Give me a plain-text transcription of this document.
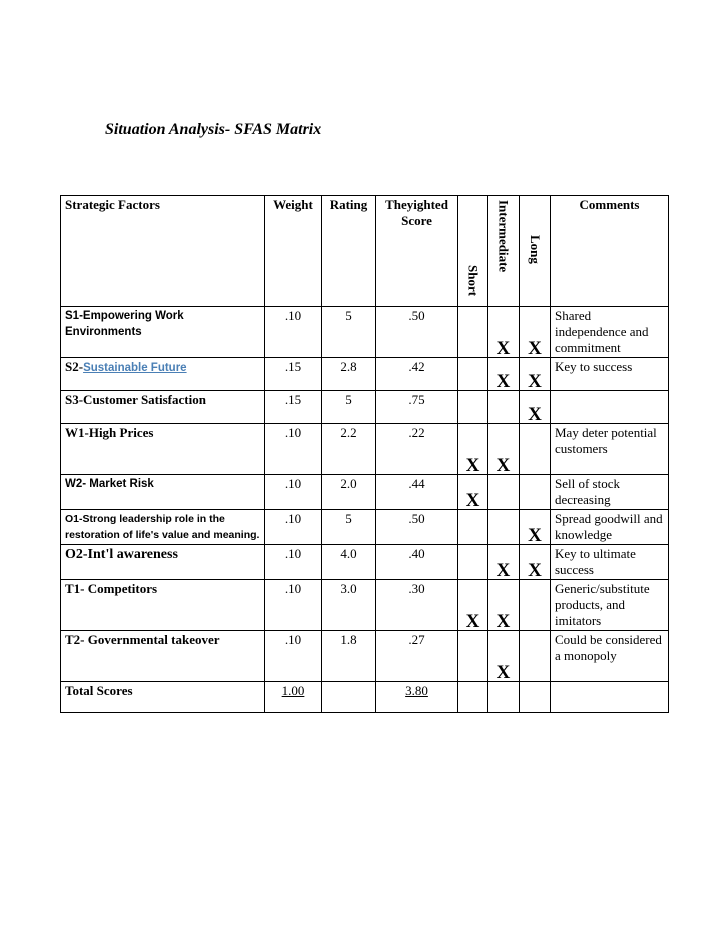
Situation Analysis- SFAS Matrix
Strategic Factors	Weight	Rating	Theyighted
Score	Short	Intermediate	Long	Comments
S1-Empowering Work Environments	.10	5	.50		X	X	Shared independence and commitment
S2-Sustainable Future	.15	2.8	.42		X	X	Key to success
S3-Customer Satisfaction	.15	5	.75			X	
W1-High Prices	.10	2.2	.22	X	X		May deter potential customers
W2- Market Risk	.10	2.0	.44	X			Sell of stock decreasing
O1-Strong leadership role in the restoration of life's value and meaning.	.10	5	.50			X	Spread goodwill and knowledge
O2-Int'l awareness	.10	4.0	.40		X	X	Key to ultimate success
T1- Competitors	.10	3.0	.30	X	X		Generic/substitute products, and imitators
T2- Governmental takeover	.10	1.8	.27		X		Could be considered a monopoly
Total Scores	1.00		3.80				
